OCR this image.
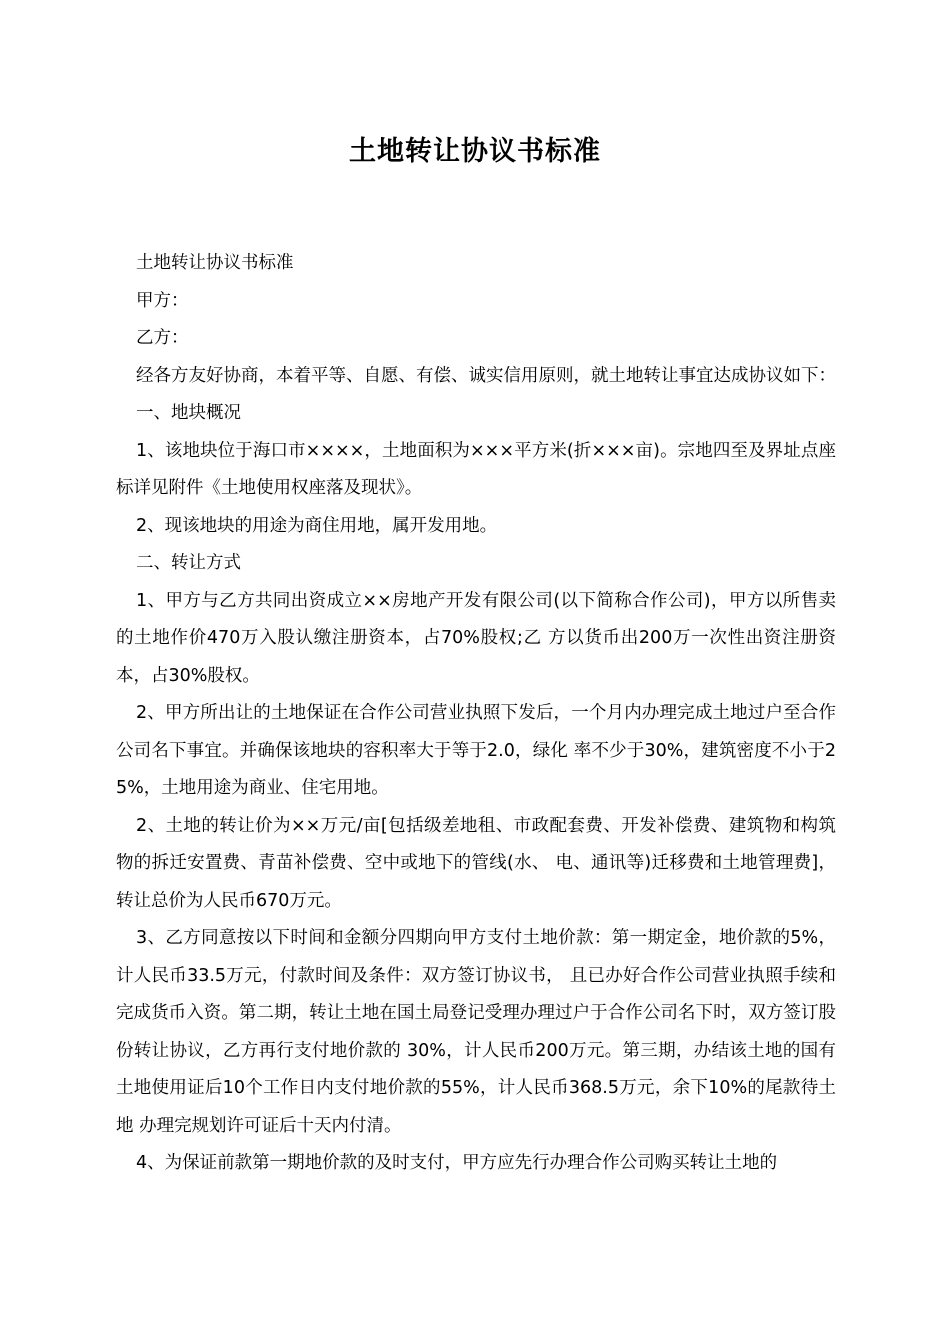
土地转让协议书标准

土地转让协议书标准

甲方：

乙方：

经各方友好协商，本着平等、自愿、有偿、诚实信用原则，就土地转让事宜达成协议如下：

一、地块概况

1、该地块位于海口市××××，土地面积为×××平方米(折×××亩)。宗地四至及界址点座标详见附件《土地使用权座落及现状》。

2、现该地块的用途为商住用地，属开发用地。

二、转让方式

1、甲方与乙方共同出资成立××房地产开发有限公司(以下简称合作公司)，甲方以所售卖的土地作价470万入股认缴注册资本，占70%股权;乙 方以货币出200万一次性出资注册资本，占30%股权。

2、甲方所出让的土地保证在合作公司营业执照下发后，一个月内办理完成土地过户至合作公司名下事宜。并确保该地块的容积率大于等于2.0，绿化 率不少于30%，建筑密度不小于25%，土地用途为商业、住宅用地。

2、土地的转让价为××万元/亩[包括级差地租、市政配套费、开发补偿费、建筑物和构筑物的拆迁安置费、青苗补偿费、空中或地下的管线(水、 电、通讯等)迁移费和土地管理费]，转让总价为人民币670万元。

3、乙方同意按以下时间和金额分四期向甲方支付土地价款：第一期定金，地价款的5%，计人民币33.5万元，付款时间及条件：双方签订协议书， 且已办好合作公司营业执照手续和完成货币入资。第二期，转让土地在国土局登记受理办理过户于合作公司名下时，双方签订股份转让协议，乙方再行支付地价款的 30%，计人民币200万元。第三期，办结该土地的国有土地使用证后10个工作日内支付地价款的55%，计人民币368.5万元，余下10%的尾款待土地 办理完规划许可证后十天内付清。

4、为保证前款第一期地价款的及时支付，甲方应先行办理合作公司购买转让土地的
